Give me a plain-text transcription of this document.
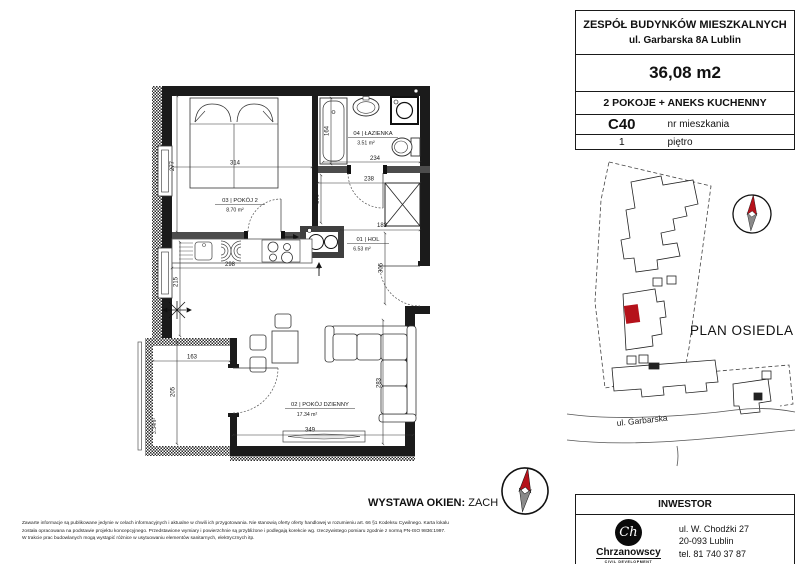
314
277
164
234
238
105
183
305
298
215
349
283
163
205
3.34m²
03 | POKÓJ 2
8.70 m²
04 | ŁAZIENKA
3.51 m²
01 | HOL
6.53 m²
02 | POKÓJ DZIENNY
17.34 m²
WYSTAWA OKIEN: ZACH
Zawarte informacje są publikowane jedynie w celach informacyjnych i aktualne w chwili ich przygotowania. Nie stanowią oferty oferty handlowej w rozumieniu art. 66 §1 Kodeksu Cywilnego. Karta lokalu
została opracowana na podstawie projektu koncepcyjnego. Przedstawione wymiary i powierzchnie są przybliżone i podlegają korekcie wg. rzeczywistego pomiaru zgodnie z normą PN-ISO 9836:1997.
W trakcie prac budowlanych mogą wystąpić różnice w usytuowaniu elementów sanitarnych, elektrycznych itp.
ZESPÓŁ BUDYNKÓW MIESZKALNYCH
ul. Garbarska 8A Lublin
36,08 m2
2 POKOJE + ANEKS KUCHENNY
C40	nr mieszkania
1	piętro
ul. Garbarska
PLAN OSIEDLA
INWESTOR
Ch
Chrzanowscy
CIVIL DEVELOPMENT
ul. W. Chodźki 27
20-093 Lublin
tel. 81 740 37 87
